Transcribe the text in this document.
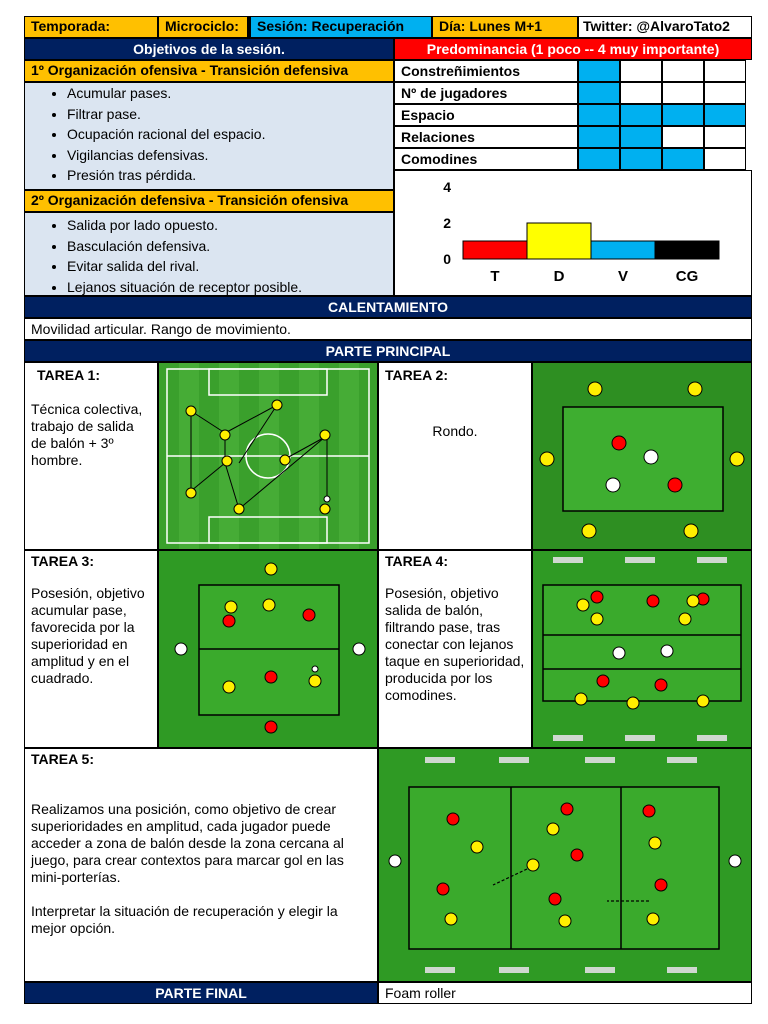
Temporada:	Microciclo:	Sesión: Recuperación	Día: Lunes M+1	Twitter: @AlvaroTato2
Objetivos de la sesión.
1º Organización ofensiva - Transición defensiva
• Acumular pases.
• Filtrar pase.
• Ocupación racional del espacio.
• Vigilancias defensivas.
• Presión tras pérdida.
2º Organización defensiva - Transición ofensiva
• Salida por lado opuesto.
• Basculación defensiva.
• Evitar salida del rival.
• Lejanos situación de receptor posible.
Predominancia (1 poco -- 4 muy importante)
Constreñimientos
Nº de jugadores
Espacio
Relaciones
Comodines
0
2
4
T	D	V	CG
CALENTAMIENTO
Movilidad articular. Rango de movimiento.
PARTE PRINCIPAL
TAREA 1:
Técnica colectiva, trabajo de salida de balón + 3º hombre.
TAREA 2:
Rondo.
TAREA 3:
Posesión, objetivo acumular pase, favorecida por la superioridad en amplitud y en el cuadrado.
TAREA 4:
Posesión, objetivo salida de balón, filtrando pase, tras conectar con lejanos taque en superioridad, producida por los comodines.
TAREA 5:
Realizamos una posición, como objetivo de crear superioridades en amplitud, cada jugador puede acceder a zona de balón desde la zona cercana al juego, para crear contextos para marcar gol en las mini-porterías.
Interpretar la situación de recuperación y elegir la mejor opción.
PARTE FINAL	Foam roller
